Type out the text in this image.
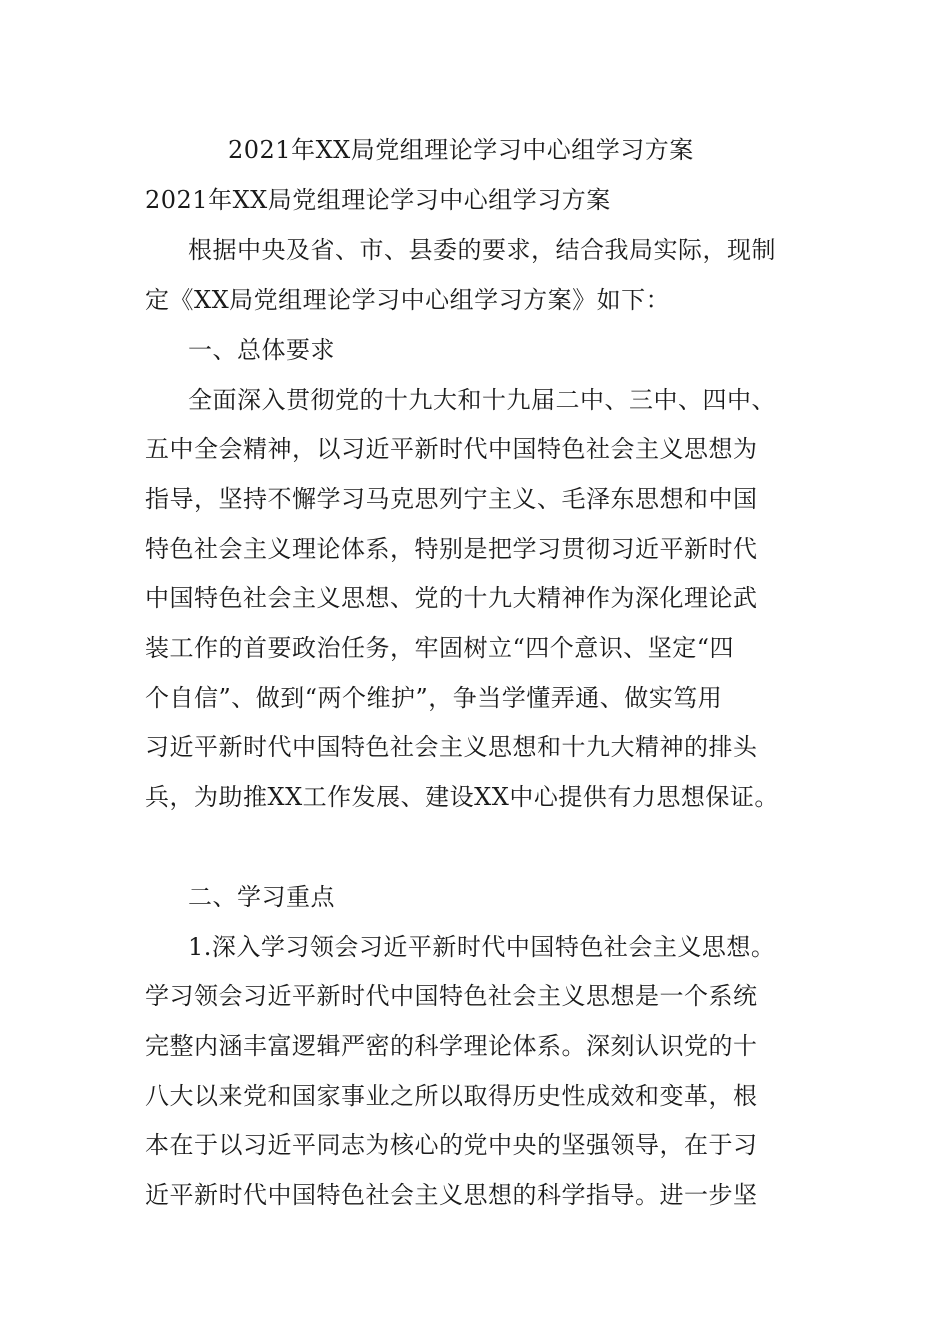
2021年XX局党组理论学习中心组学习方案
2021年XX局党组理论学习中心组学习方案
根据中央及省、市、县委的要求，结合我局实际，现制
定《XX局党组理论学习中心组学习方案》如下：
一、总体要求
全面深入贯彻党的十九大和十九届二中、三中、四中、
五中全会精神，以习近平新时代中国特色社会主义思想为
指导，坚持不懈学习马克思列宁主义、毛泽东思想和中国
特色社会主义理论体系，特别是把学习贯彻习近平新时代
中国特色社会主义思想、党的十九大精神作为深化理论武
装工作的首要政治任务，牢固树立“四个意识、坚定“四
个自信”、做到“两个维护”，争当学懂弄通、做实笃用
习近平新时代中国特色社会主义思想和十九大精神的排头
兵，为助推XX工作发展、建设XX中心提供有力思想保证。
二、学习重点
1.深入学习领会习近平新时代中国特色社会主义思想。
学习领会习近平新时代中国特色社会主义思想是一个系统
完整内涵丰富逻辑严密的科学理论体系。深刻认识党的十
八大以来党和国家事业之所以取得历史性成效和变革，根
本在于以习近平同志为核心的党中央的坚强领导，在于习
近平新时代中国特色社会主义思想的科学指导。进一步坚
